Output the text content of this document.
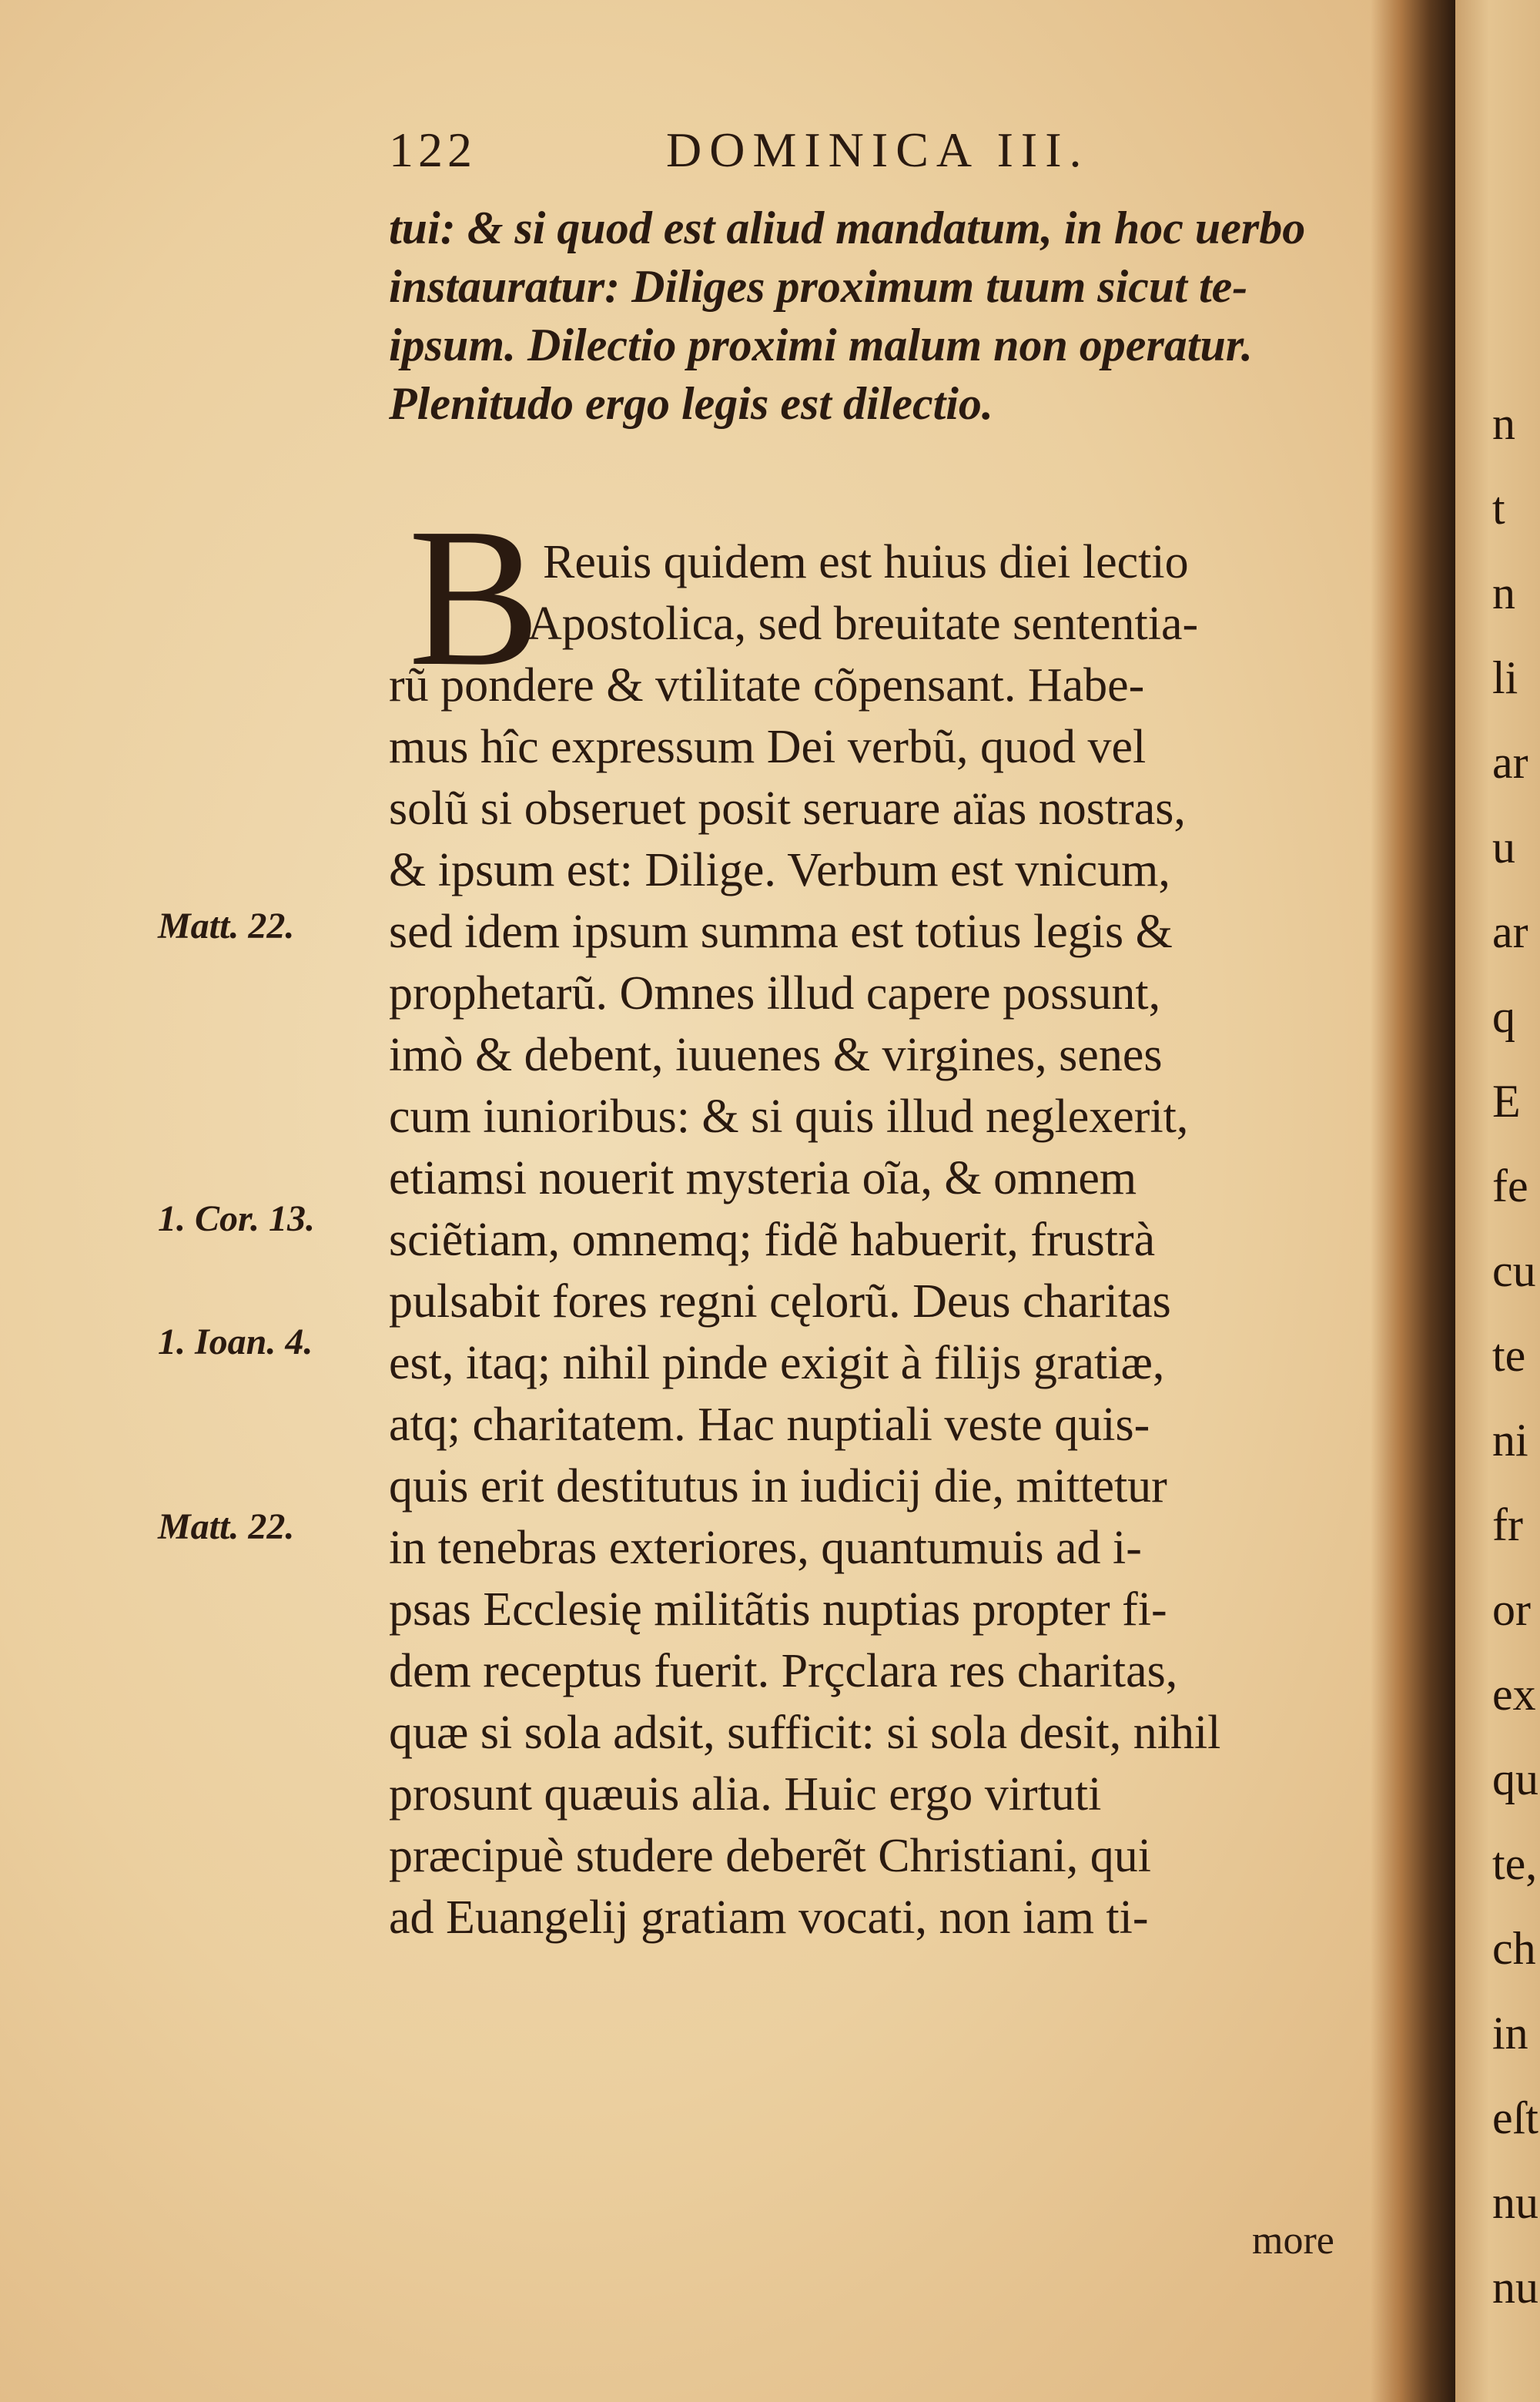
n
t
n
li
ar
u
ar
q
E
fe
cu
te
ni
fr
or
ex
qu
te,
ch
in
eſt
nu
nu
122	DOMINICA III.
tui: & si quod est aliud mandatum, in hoc uerbo
instauratur: Diliges proximum tuum sicut te-
ipsum. Dilectio proximi malum non operatur.
Plenitudo ergo legis est dilectio.
B Reuis quidem est huius diei lectio
Apostolica, sed breuitate sententia-
rũ pondere & vtilitate cõpensant. Habe-
mus hîc expressum Dei verbũ, quod vel
solũ si obseruet posit seruare aïas nostras,
& ipsum est: Dilige. Verbum est vnicum,
sed idem ipsum summa est totius legis &
prophetarũ. Omnes illud capere possunt,
imò & debent, iuuenes & virgines, senes
cum iunioribus: & si quis illud neglexerit,
etiamsi nouerit mysteria oĩa, & omnem
sciẽtiam, omnemq; fidẽ habuerit, frustrà
pulsabit fores regni cęlorũ. Deus charitas
est, itaq; nihil pinde exigit à filijs gratiæ,
atq; charitatem. Hac nuptiali veste quis-
quis erit destitutus in iudicij die, mittetur
in tenebras exteriores, quantumuis ad i-
psas Ecclesię militãtis nuptias propter fi-
dem receptus fuerit. Prçclara res charitas,
quæ si sola adsit, sufficit: si sola desit, nihil
prosunt quæuis alia. Huic ergo virtuti
præcipuè studere deberẽt Christiani, qui
ad Euangelij gratiam vocati, non iam ti-
more
Matt. 22.
1. Cor. 13.
1. Ioan. 4.
Matt. 22.
